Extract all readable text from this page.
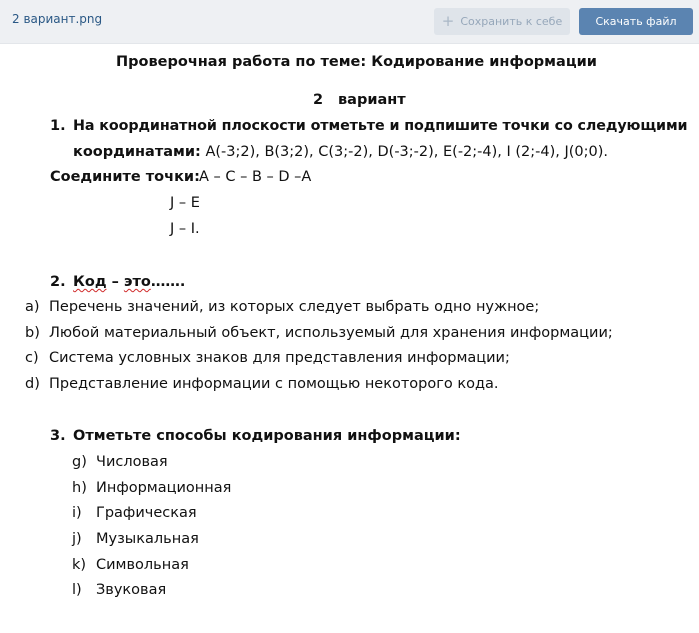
2 вариант.png	+ Сохранить к себе	Скачать файл
Проверочная работа по теме: Кодирование информации
2 вариант
1. На координатной плоскости отметьте и подпишите точки со следующими
координатами: A(-3;2), B(3;2), C(3;-2), D(-3;-2), E(-2;-4), I (2;-4), J(0;0).
Соедините точки: A – C – B – D –A
J – E
J – I.
2. Код – это…….
a) Перечень значений, из которых следует выбрать одно нужное;
b) Любой материальный объект, используемый для хранения информации;
c) Система условных знаков для представления информации;
d) Представление информации с помощью некоторого кода.
3. Отметьте способы кодирования информации:
g) Числовая
h) Информационная
i) Графическая
j) Музыкальная
k) Символьная
l) Звуковая
